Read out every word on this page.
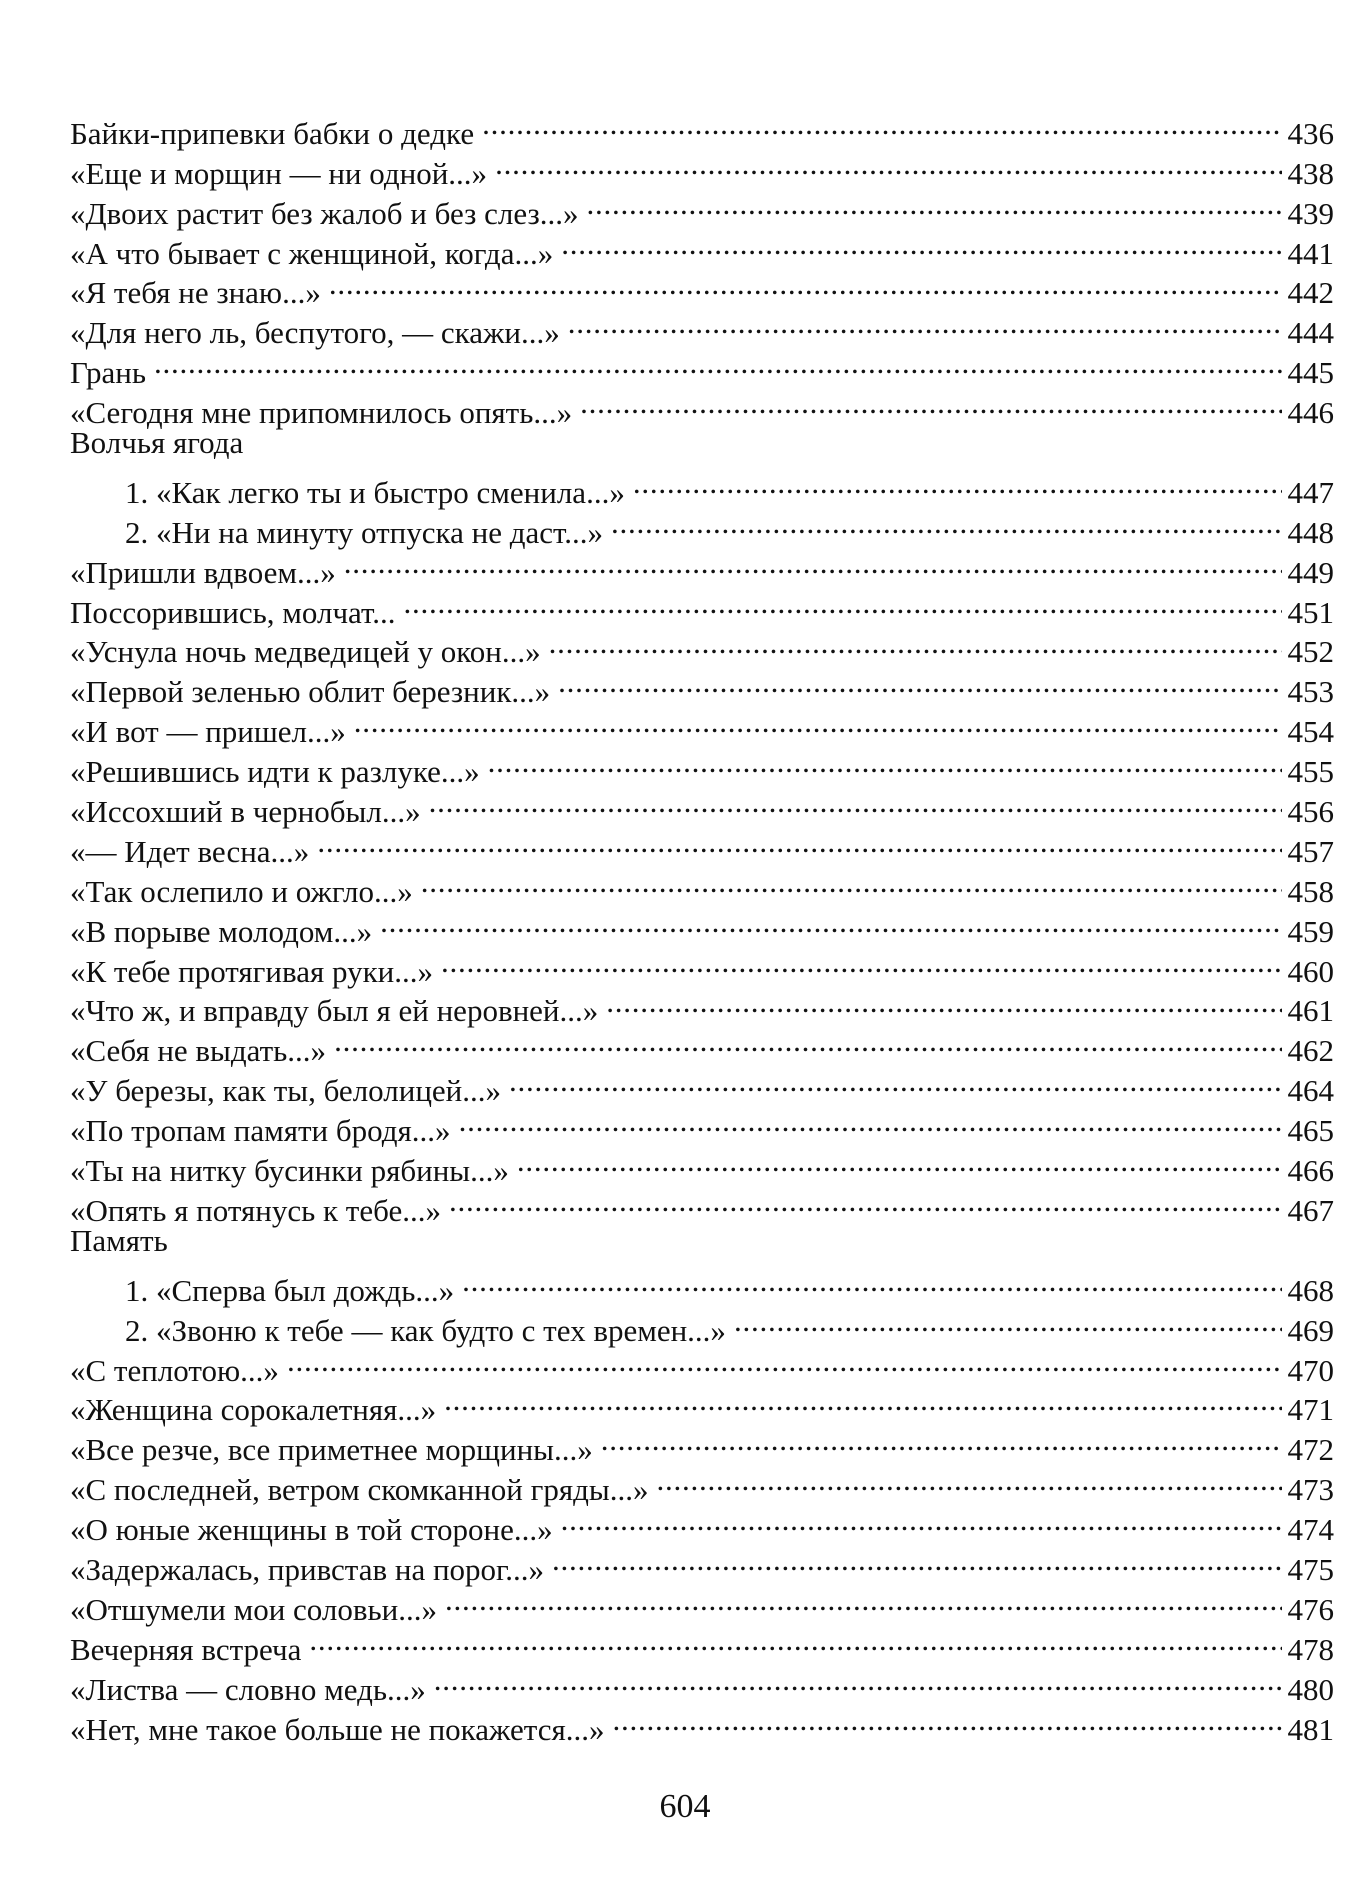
Байки-припевки бабки о дедке . . .	436
«Еще и морщин — ни одной...» . . .	438
«Двоих растит без жалоб и без слез...» . . .	439
«А что бывает с женщиной, когда...» . . .	441
«Я тебя не знаю...» . . .	442
«Для него ль, беспутого, — скажи...» . . .	444
Грань . . .	445
«Сегодня мне припомнилось опять...» . . .	446
Волчья ягода
1. «Как легко ты и быстро сменила...» . . .	447
2. «Ни на минуту отпуска не даст...» . . .	448
«Пришли вдвоем...» . . .	449
Поссорившись, молчат... . . .	451
«Уснула ночь медведицей у окон...» . . .	452
«Первой зеленью облит березник...» . . .	453
«И вот — пришел...» . . .	454
«Решившись идти к разлуке...» . . .	455
«Иссохший в чернобыл...» . . .	456
«— Идет весна...» . . .	457
«Так ослепило и ожгло...» . . .	458
«В порыве молодом...» . . .	459
«К тебе протягивая руки...» . . .	460
«Что ж, и вправду был я ей неровней...» . . .	461
«Себя не выдать...» . . .	462
«У березы, как ты, белолицей...» . . .	464
«По тропам памяти бродя...» . . .	465
«Ты на нитку бусинки рябины...» . . .	466
«Опять я потянусь к тебе...» . . .	467
Память
1. «Сперва был дождь...» . . .	468
2. «Звоню к тебе — как будто с тех времен...» . . .	469
«С теплотою...» . . .	470
«Женщина сорокалетняя...» . . .	471
«Все резче, все приметнее морщины...» . . .	472
«С последней, ветром скомканной гряды...» . . .	473
«О юные женщины в той стороне...» . . .	474
«Задержалась, привстав на порог...» . . .	475
«Отшумели мои соловьи...» . . .	476
Вечерняя встреча . . .	478
«Листва — словно медь...» . . .	480
«Нет, мне такое больше не покажется...» . . .	481
604
